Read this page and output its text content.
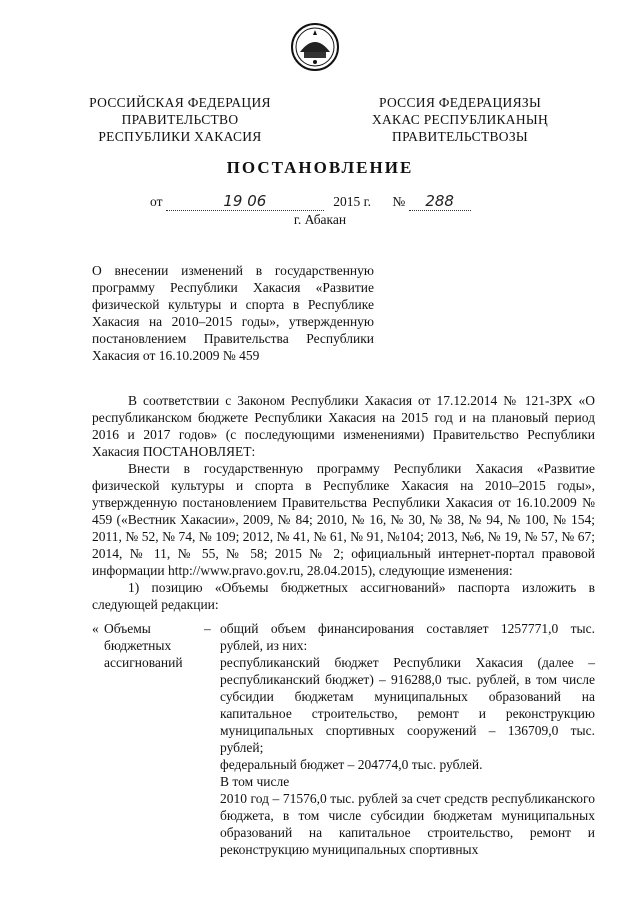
РОССИЙСКАЯ ФЕДЕРАЦИЯ
ПРАВИТЕЛЬСТВО
РЕСПУБЛИКИ ХАКАСИЯ
РОССИЯ ФЕДЕРАЦИЯЗЫ
ХАКАС РЕСПУБЛИКАНЫҢ
ПРАВИТЕЛЬСТВОЗЫ
ПОСТАНОВЛЕНИЕ
от	19 06	2015 г. № 288
г. Абакан
О внесении изменений в государственную программу Республики Хакасия «Развитие физической культуры и спорта в Республике Хакасия на 2010–2015 годы», утвержденную постановлением Правительства Республики Хакасия от 16.10.2009 № 459

В соответствии с Законом Республики Хакасия от 17.12.2014 № 121-ЗРХ «О республиканском бюджете Республики Хакасия на 2015 год и на плановый период 2016 и 2017 годов» (с последующими изменениями) Правительство Республики Хакасия ПОСТАНОВЛЯЕТ:

Внести в государственную программу Республики Хакасия «Развитие физической культуры и спорта в Республике Хакасия на 2010–2015 годы», утвержденную постановлением Правительства Республики Хакасия от 16.10.2009 № 459 («Вестник Хакасии», 2009, № 84; 2010, № 16, № 30, № 38, № 94, № 100, № 154; 2011, № 52, № 74, № 109; 2012, № 41, № 61, № 91, №104; 2013, №6, № 19, № 57, № 67; 2014, № 11, № 55, № 58; 2015 № 2; официальный интернет-портал правовой информации http://www.pravo.gov.ru, 28.04.2015), следующие изменения:

1) позицию «Объемы бюджетных ассигнований» паспорта изложить в следующей редакции:

« Объемы бюджетных ассигнований
– общий объем финансирования составляет 1257771,0 тыс. рублей, из них:
республиканский бюджет Республики Хакасия (далее – республиканский бюджет) – 916288,0 тыс. рублей, в том числе субсидии бюджетам муниципальных образований на капитальное строительство, ремонт и реконструкцию муниципальных спортивных сооружений – 136709,0 тыс. рублей;
федеральный бюджет – 204774,0 тыс. рублей.
В том числе
2010 год – 71576,0 тыс. рублей за счет средств республиканского бюджета, в том числе субсидии бюджетам муниципальных образований на капитальное строительство, ремонт и реконструкцию муниципальных спортивных
